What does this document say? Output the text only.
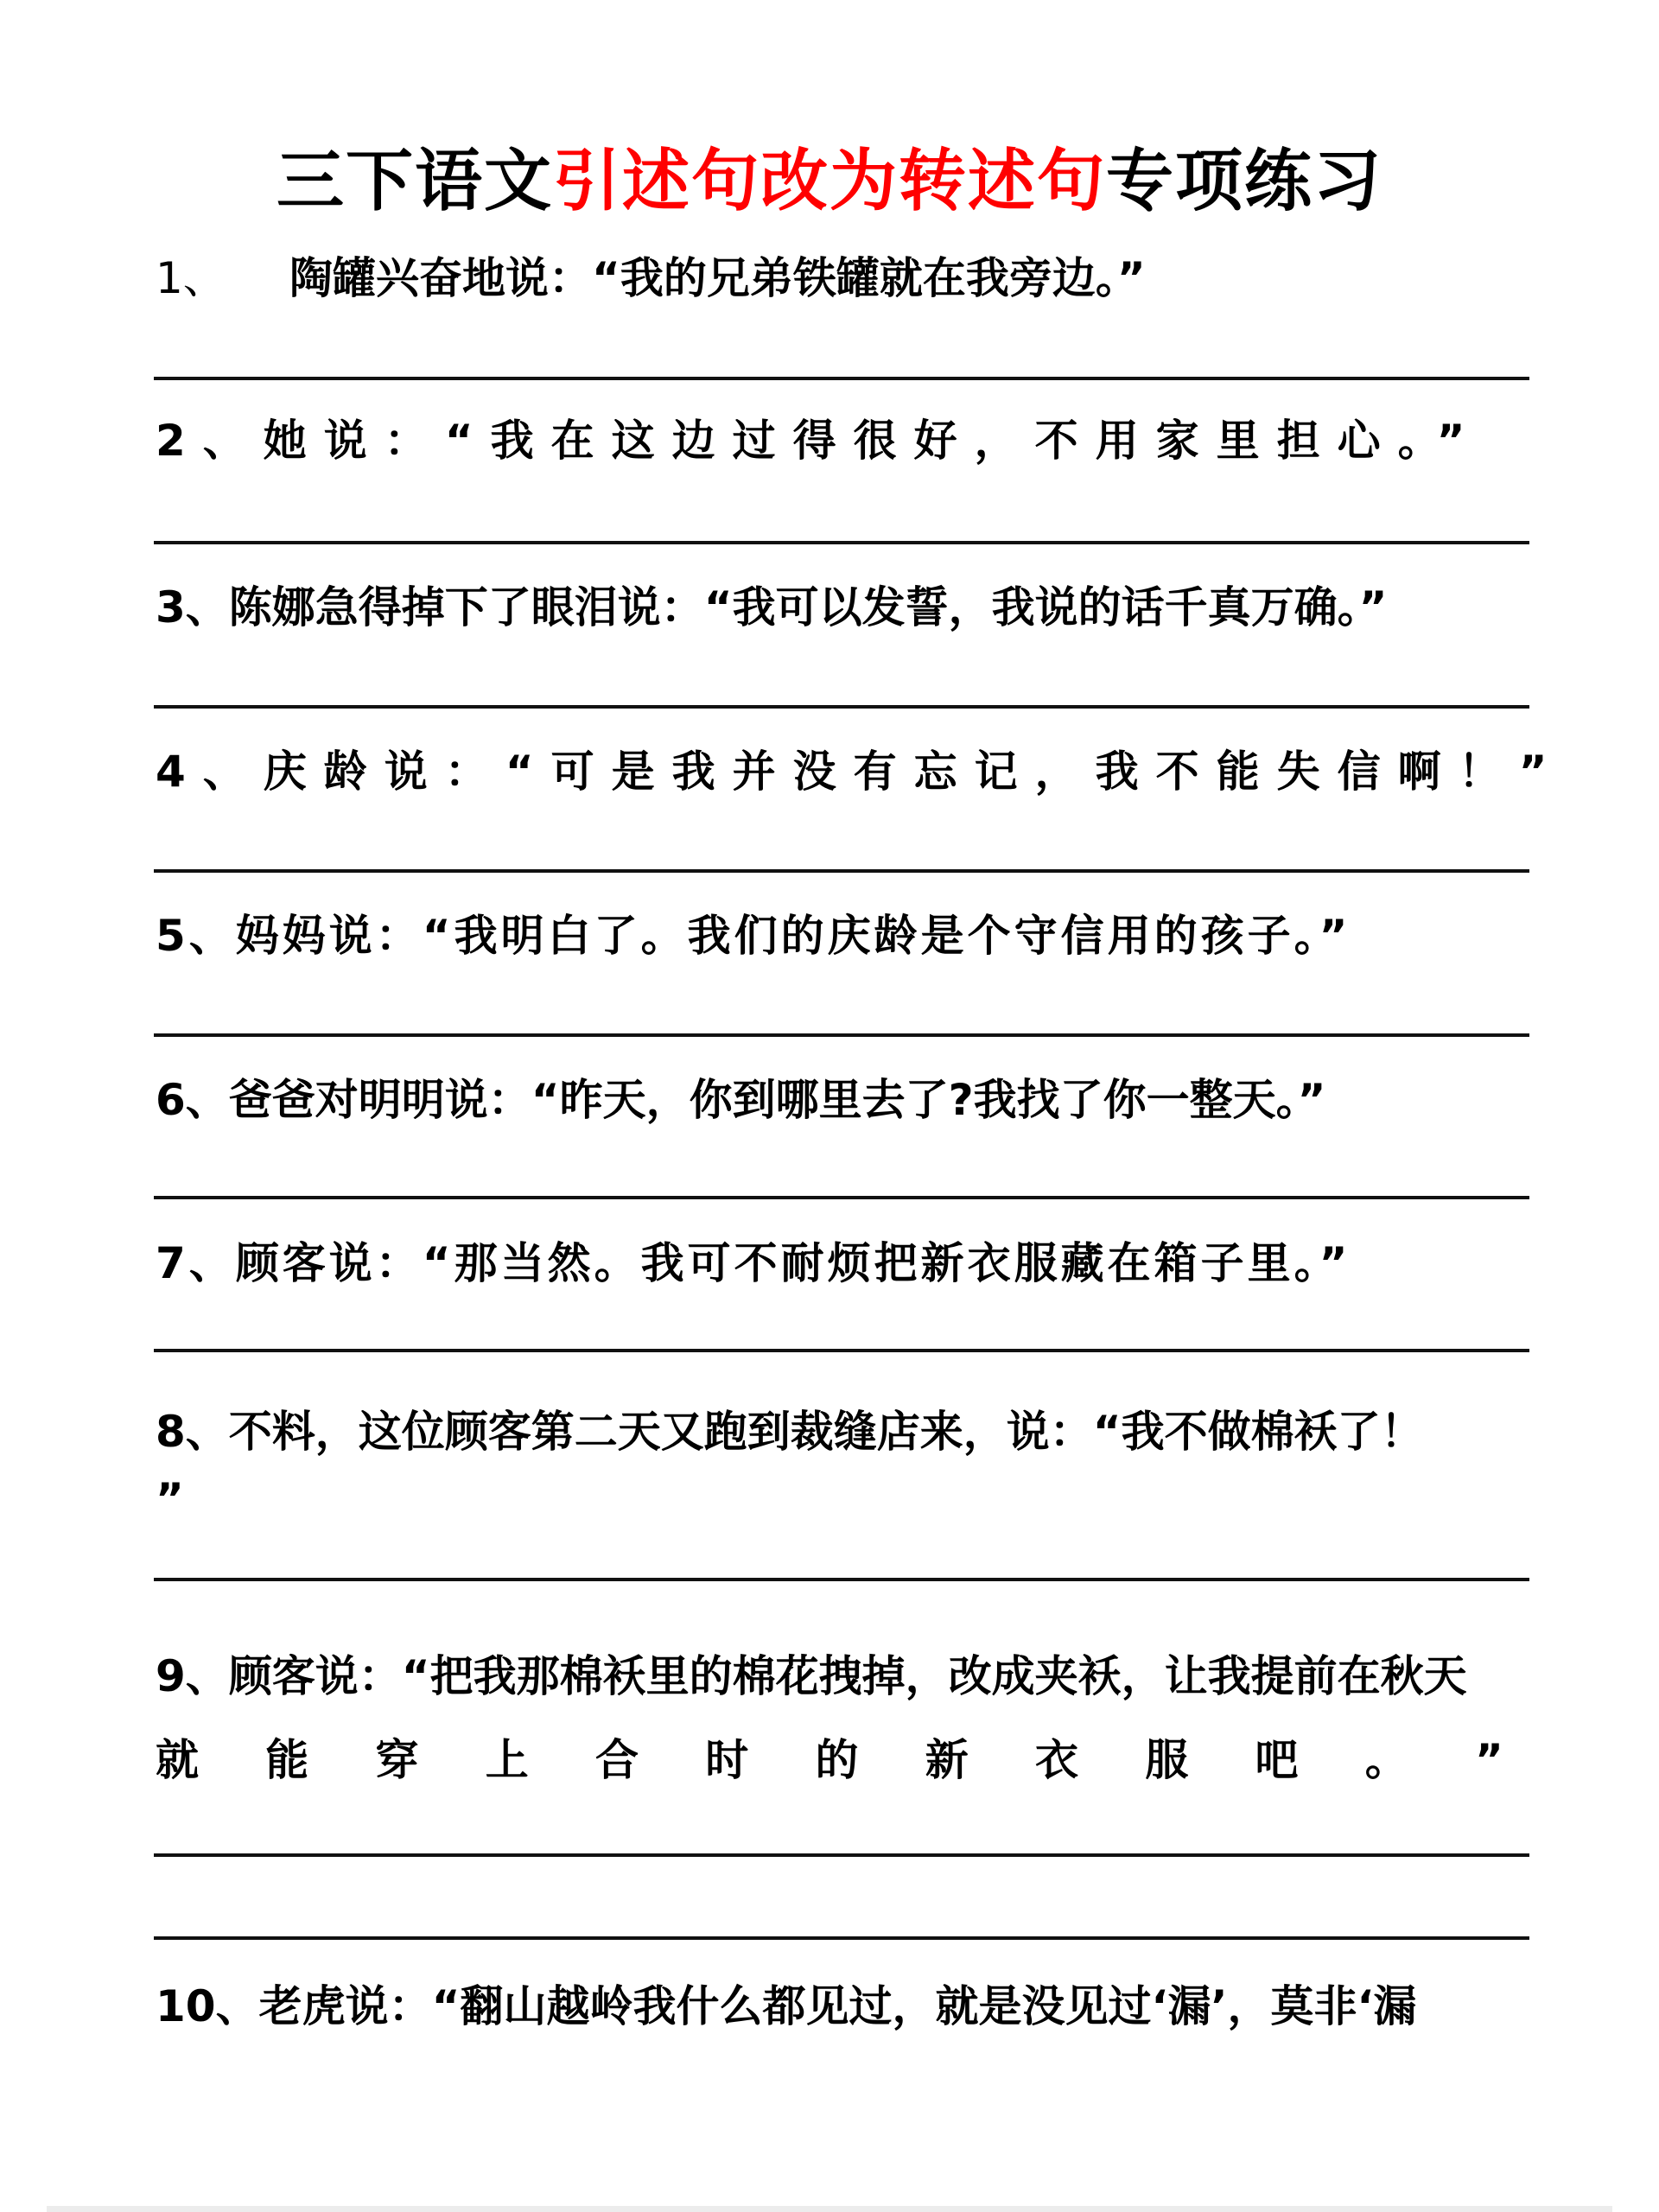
三下语文引述句改为转述句专项练习
1、 陶罐兴奋地说：“我的兄弟铁罐就在我旁边。”
2、她说：“我在这边过得很好，不用家里担心。”
3、陈娜急得掉下了眼泪说：“我可以发誓，我说的话千真万确。”
4、庆龄说：“可是我并没有忘记，我不能失信啊！”
5、妈妈说：“我明白了。我们的庆龄是个守信用的孩子。”
6、爸爸对明明说：“昨天，你到哪里去了?我找了你一整天。”
7、顾客说：“那当然。我可不耐烦把新衣服藏在箱子里。”
8、不料，这位顾客第二天又跑到裁缝店来，说：“我不做棉袄了！
”
9、顾客说：“把我那棉袄里的棉花拽掉，改成夹袄，让我提前在秋天
就 能 穿 上 合 时 的 新 衣 服 吧 。 ”
10、老虎说：“翻山越岭我什么都见过，就是没见过‘漏’，莫非‘漏
